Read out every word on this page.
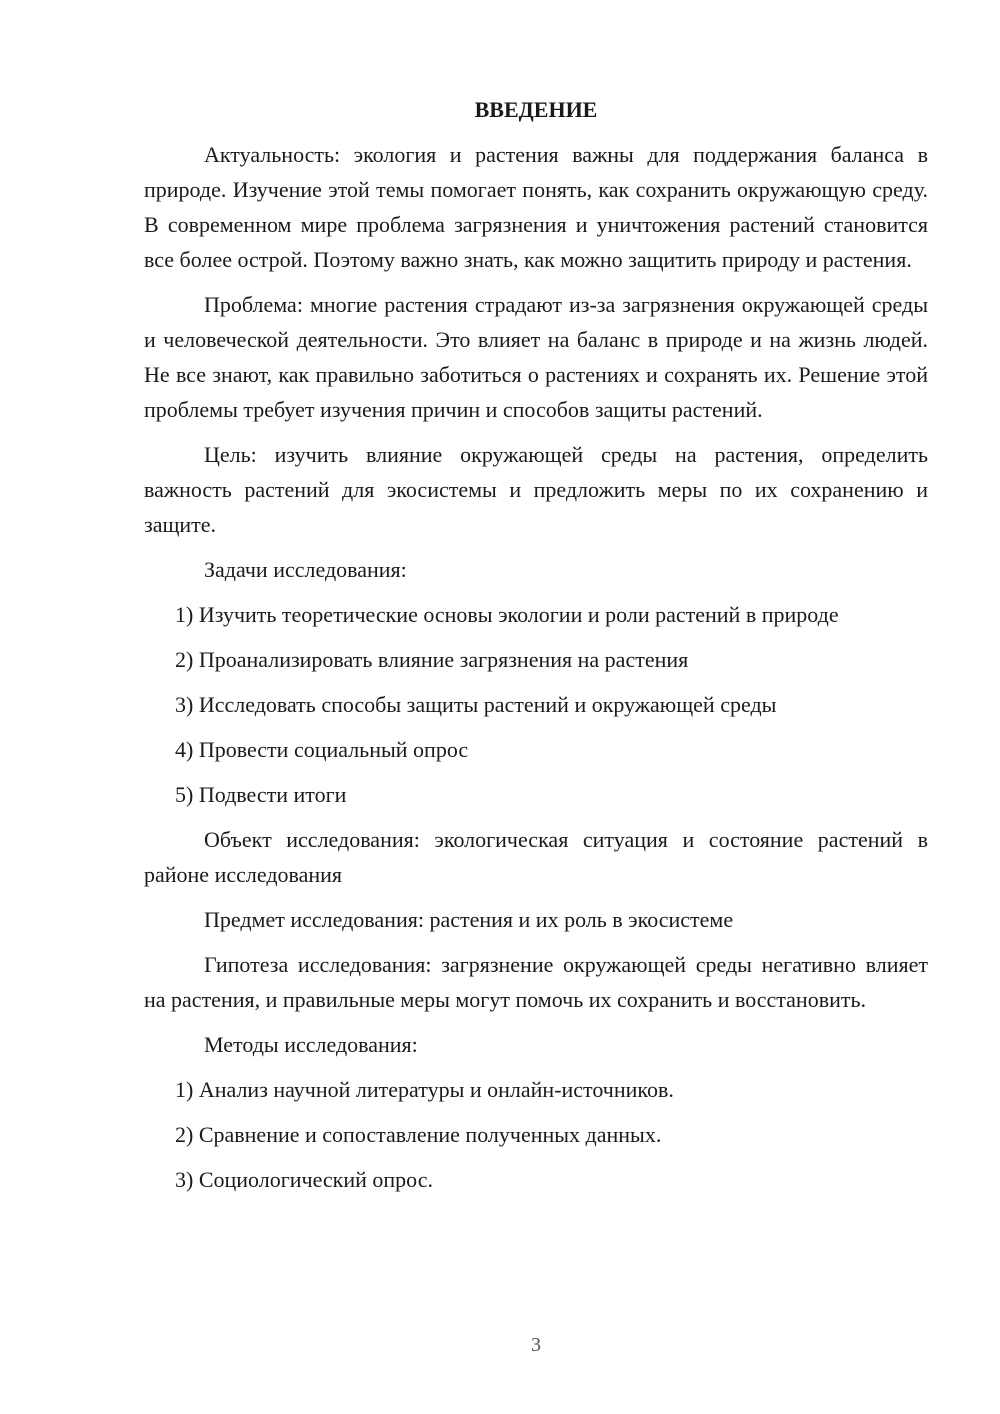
ВВЕДЕНИЕ

Актуальность: экология и растения важны для поддержания баланса в природе. Изучение этой темы помогает понять, как сохранить окружающую среду. В современном мире проблема загрязнения и уничтожения растений становится все более острой. Поэтому важно знать, как можно защитить природу и растения.

Проблема: многие растения страдают из-за загрязнения окружающей среды и человеческой деятельности. Это влияет на баланс в природе и на жизнь людей. Не все знают, как правильно заботиться о растениях и сохранять их. Решение этой проблемы требует изучения причин и способов защиты растений.

Цель: изучить влияние окружающей среды на растения, определить важность растений для экосистемы и предложить меры по их сохранению и защите.

Задачи исследования:

1) Изучить теоретические основы экологии и роли растений в природе
2) Проанализировать влияние загрязнения на растения
3) Исследовать способы защиты растений и окружающей среды
4) Провести социальный опрос
5) Подвести итоги

Объект исследования: экологическая ситуация и состояние растений в районе исследования

Предмет исследования: растения и их роль в экосистеме

Гипотеза исследования: загрязнение окружающей среды негативно влияет на растения, и правильные меры могут помочь их сохранить и восстановить.

Методы исследования:

1) Анализ научной литературы и онлайн-источников.
2) Сравнение и сопоставление полученных данных.
3) Социологический опрос.
3
